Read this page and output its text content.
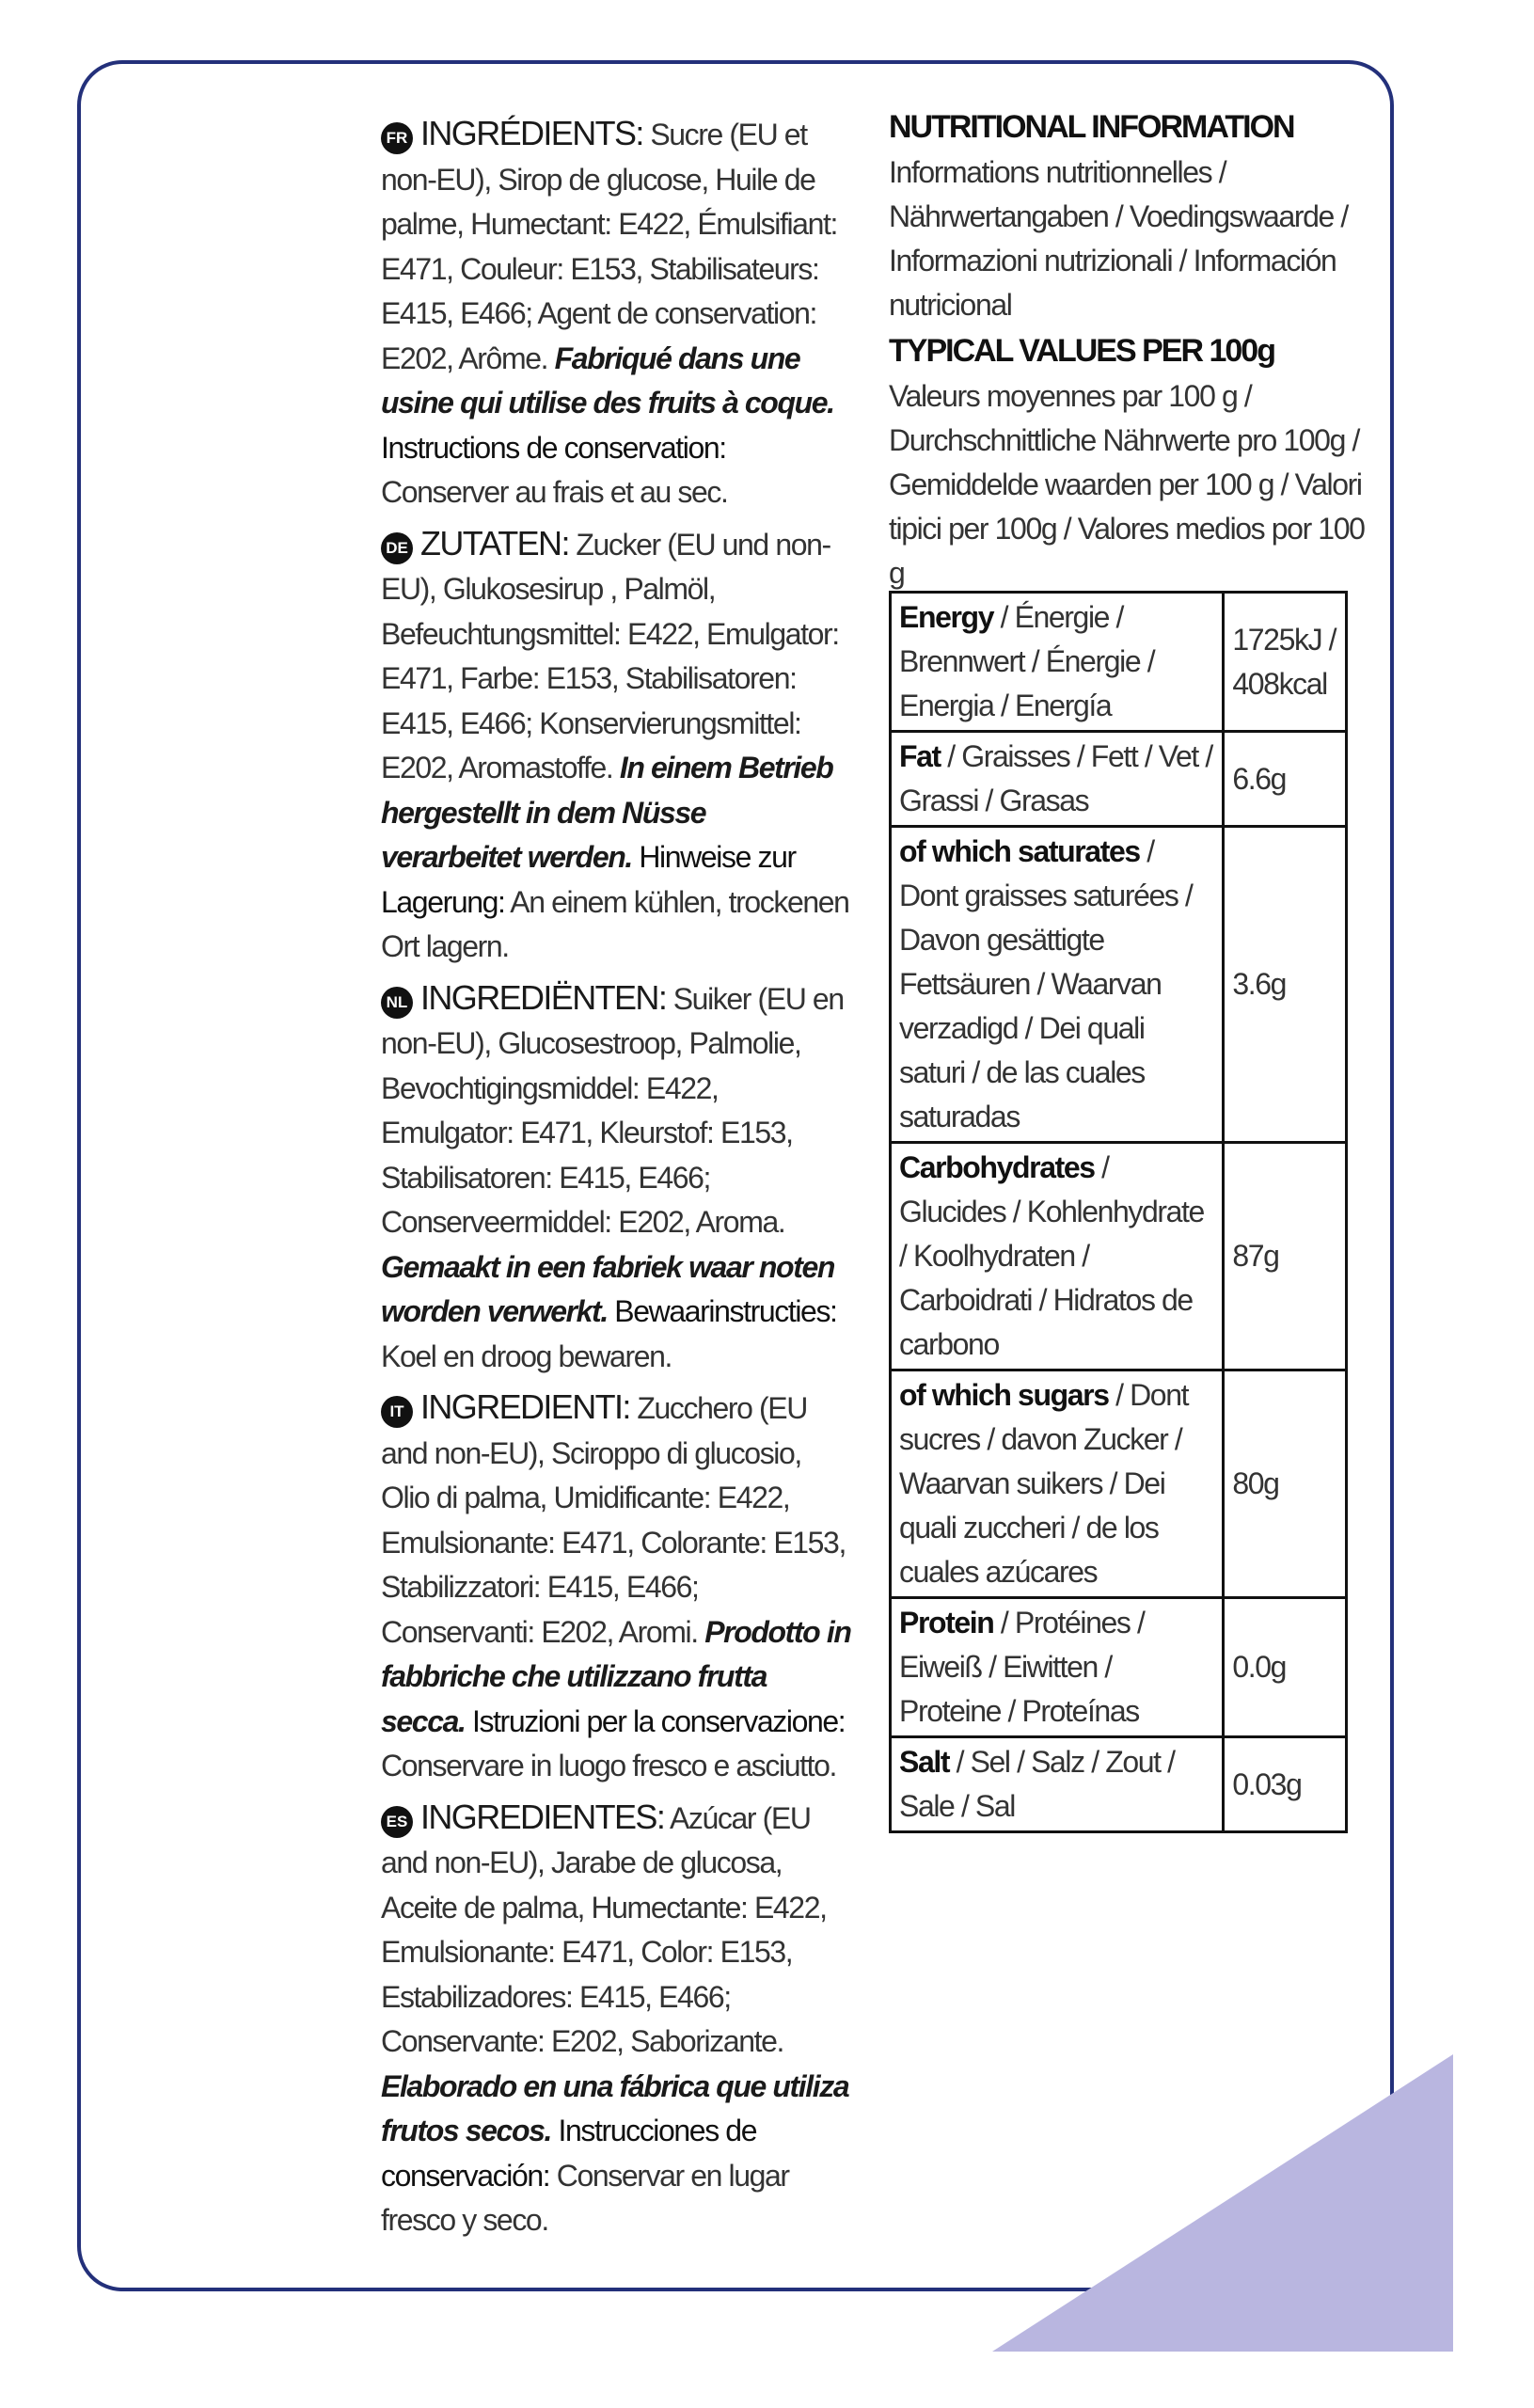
FR INGRÉDIENTS: Sucre (EU et non-EU), Sirop de glucose, Huile de palme, Humectant: E422, Émulsifiant: E471, Couleur: E153, Stabilisateurs: E415, E466; Agent de conservation: E202, Arôme. Fabriqué dans une usine qui utilise des fruits à coque. Instructions de conservation: Conserver au frais et au sec.

DE ZUTATEN: Zucker (EU und non-EU), Glukosesirup , Palmöl, Befeuchtungsmittel: E422, Emulgator: E471, Farbe: E153, Stabilisatoren: E415, E466; Konservierungsmittel: E202, Aromastoffe. In einem Betrieb hergestellt in dem Nüsse verarbeitet werden. Hinweise zur Lagerung: An einem kühlen, trockenen Ort lagern.

NL INGREDIËNTEN: Suiker (EU en non-EU), Glucosestroop, Palmolie, Bevochtigingsmiddel: E422, Emulgator: E471, Kleurstof: E153, Stabilisatoren: E415, E466; Conserveermiddel: E202, Aroma. Gemaakt in een fabriek waar noten worden verwerkt. Bewaarinstructies: Koel en droog bewaren.

IT INGREDIENTI: Zucchero (EU and non-EU), Sciroppo di glucosio, Olio di palma, Umidificante: E422, Emulsionante: E471, Colorante: E153, Stabilizzatori: E415, E466; Conservanti: E202, Aromi. Prodotto in fabbriche che utilizzano frutta secca. Istruzioni per la conservazione: Conservare in luogo fresco e asciutto.

ES INGREDIENTES: Azúcar (EU and non-EU), Jarabe de glucosa, Aceite de palma, Humectante: E422, Emulsionante: E471, Color: E153, Estabilizadores: E415, E466; Conservante: E202, Saborizante. Elaborado en una fábrica que utiliza frutos secos. Instrucciones de conservación: Conservar en lugar fresco y seco.

NUTRITIONAL INFORMATION

Informations nutritionnelles / Nährwertangaben / Voedingswaarde / Informazioni nutrizionali / Información nutricional

TYPICAL VALUES PER 100g

Valeurs moyennes par 100 g / Durchschnittliche Nährwerte pro 100g / Gemiddelde waarden per 100 g / Valori tipici per 100g / Valores medios por 100 g

Energy / Énergie / Brennwert / Énergie / Energia / Energía	1725kJ / 408kcal
Fat / Graisses / Fett / Vet / Grassi / Grasas	6.6g
of which saturates / Dont graisses saturées / Davon gesättigte Fettsäuren / Waarvan verzadigd / Dei quali saturi / de las cuales saturadas	3.6g
Carbohydrates / Glucides / Kohlenhydrate / Koolhydraten / Carboidrati / Hidratos de carbono	87g
of which sugars / Dont sucres / davon Zucker / Waarvan suikers / Dei quali zuccheri / de los cuales azúcares	80g
Protein / Protéines / Eiweiß / Eiwitten / Proteine / Proteínas	0.0g
Salt / Sel / Salz / Zout / Sale / Sal	0.03g
